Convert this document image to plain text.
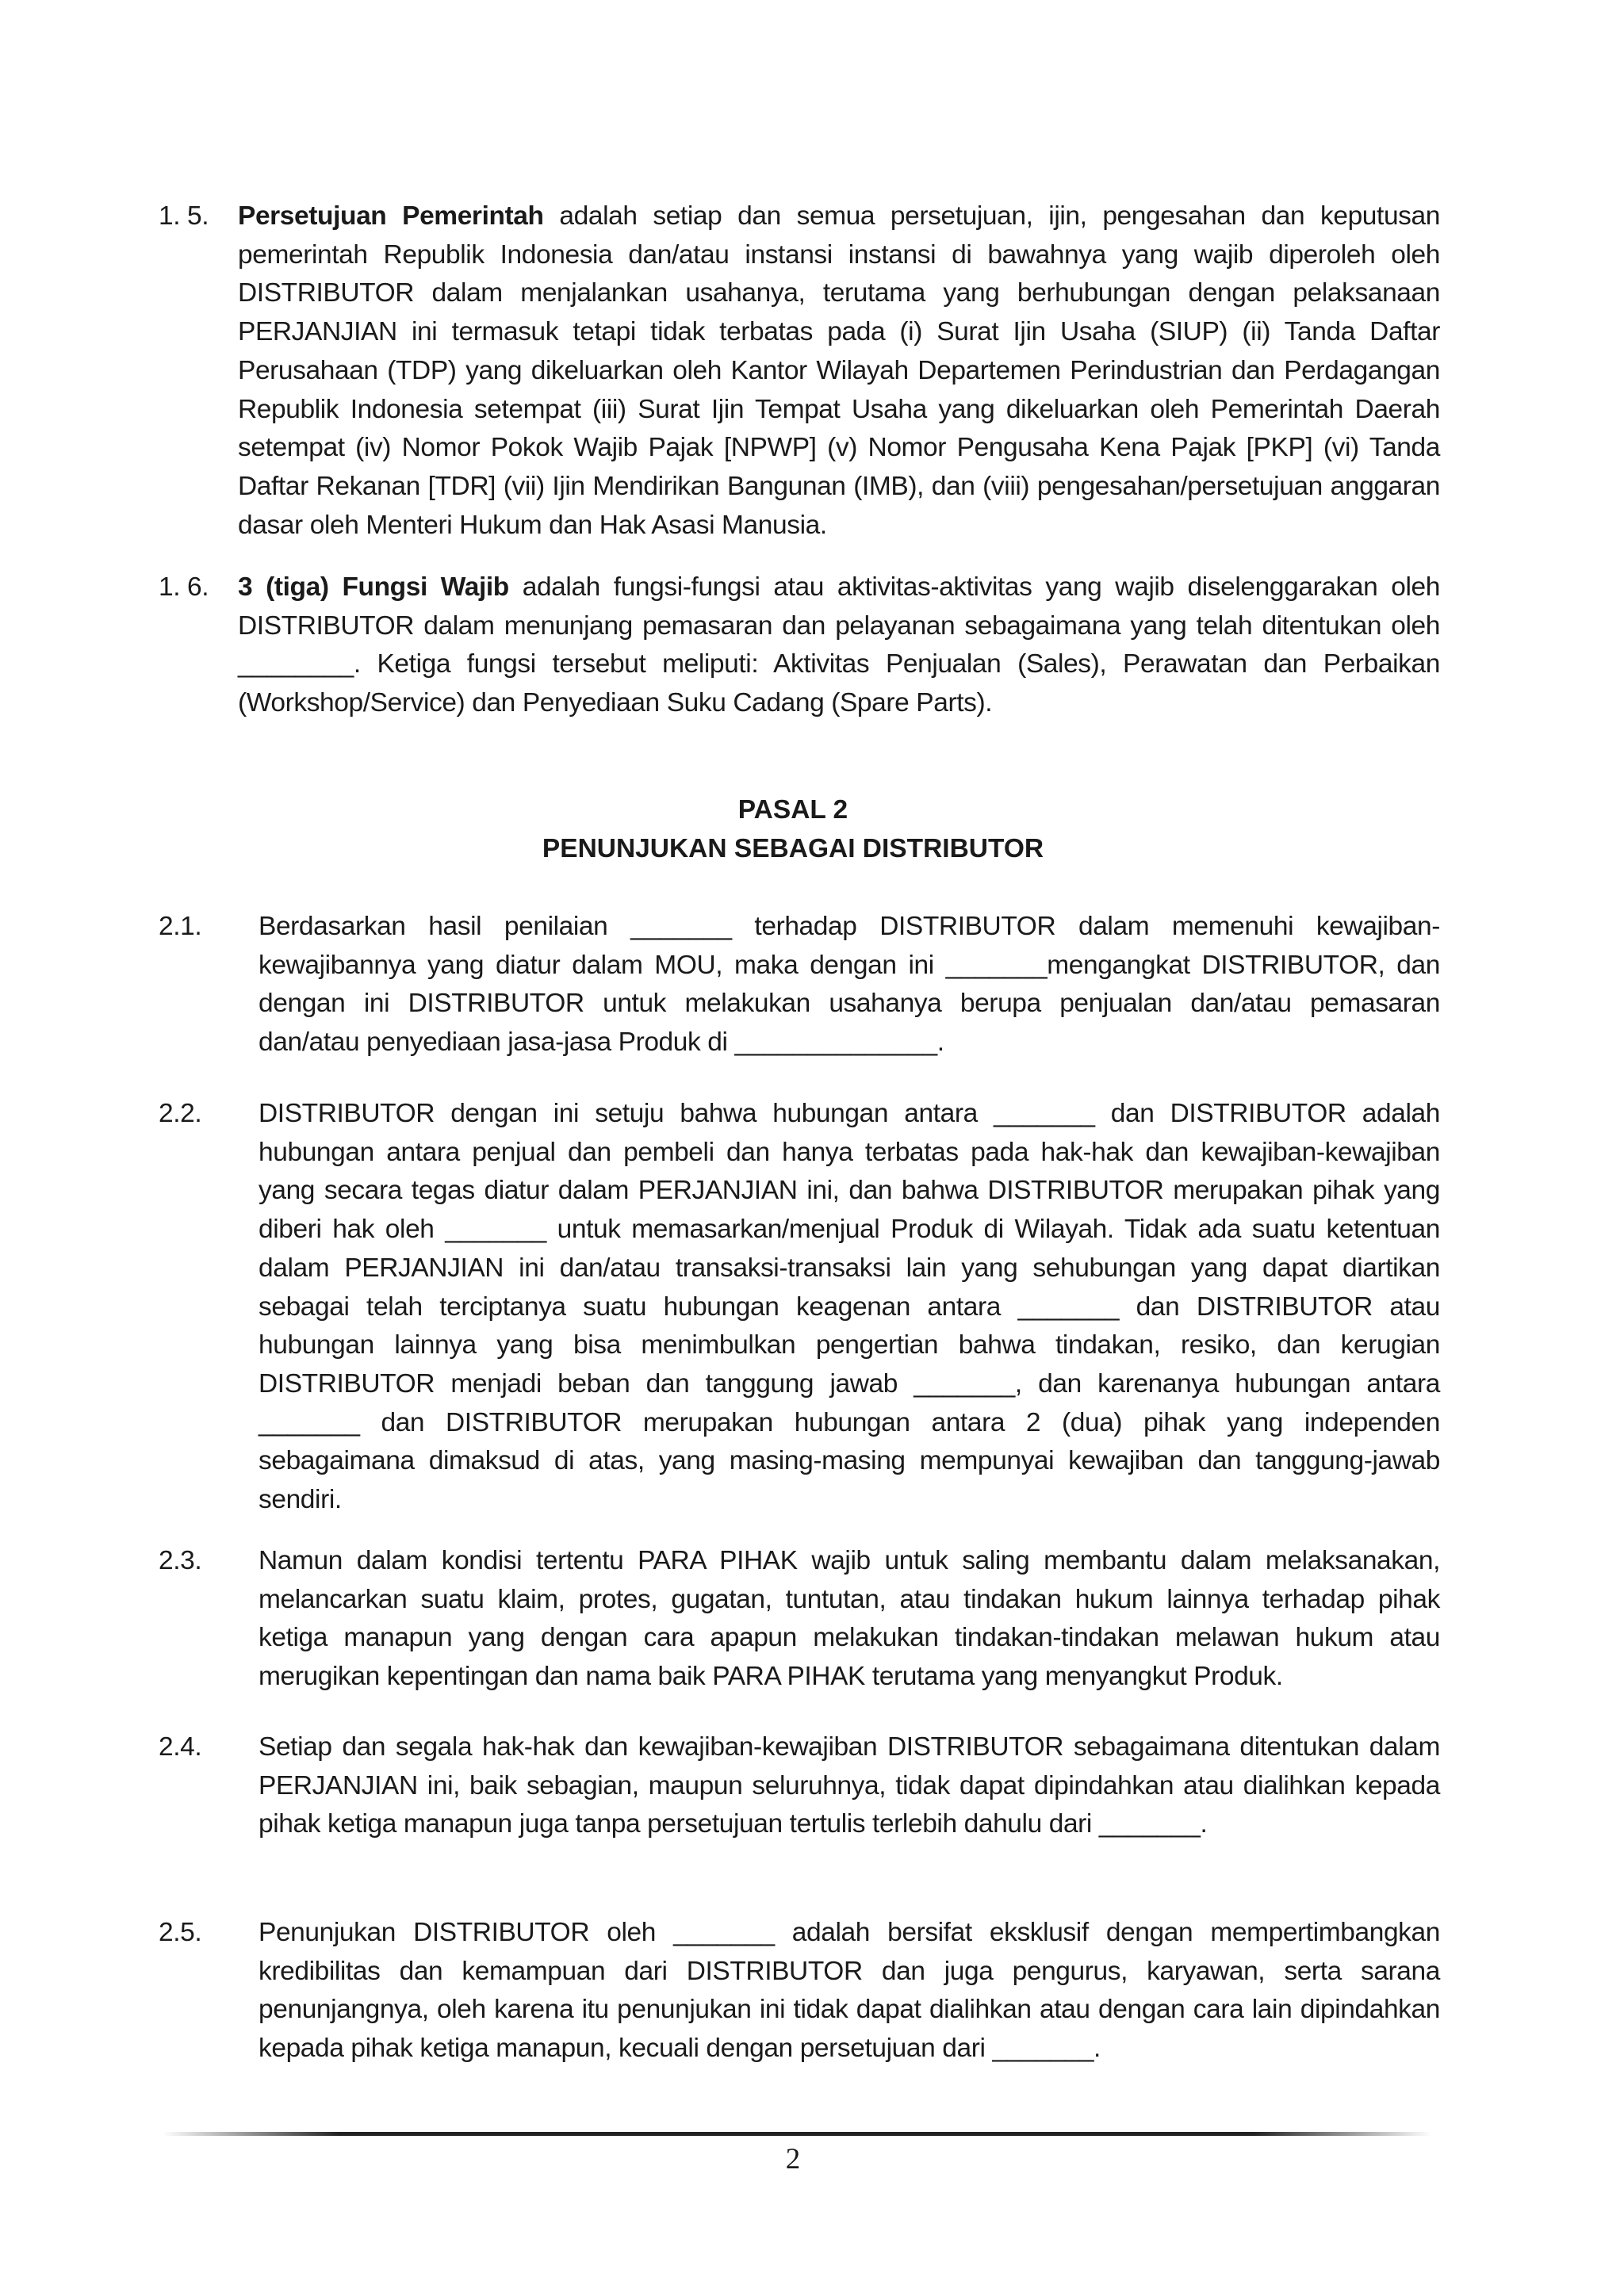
1. 5. Persetujuan Pemerintah adalah setiap dan semua persetujuan, ijin, pengesahan dan keputusan pemerintah Republik Indonesia dan/atau instansi instansi di bawahnya yang wajib diperoleh oleh DISTRIBUTOR dalam menjalankan usahanya, terutama yang berhubungan dengan pelaksanaan PERJANJIAN ini termasuk tetapi tidak terbatas pada (i) Surat Ijin Usaha (SIUP) (ii) Tanda Daftar Perusahaan (TDP) yang dikeluarkan oleh Kantor Wilayah Departemen Perindustrian dan Perdagangan Republik Indonesia setempat (iii) Surat Ijin Tempat Usaha yang dikeluarkan oleh Pemerintah Daerah setempat (iv) Nomor Pokok Wajib Pajak [NPWP] (v) Nomor Pengusaha Kena Pajak [PKP] (vi) Tanda Daftar Rekanan [TDR] (vii) Ijin Mendirikan Bangunan (IMB), dan (viii) pengesahan/persetujuan anggaran dasar oleh Menteri Hukum dan Hak Asasi Manusia.
1. 6. 3 (tiga) Fungsi Wajib adalah fungsi-fungsi atau aktivitas-aktivitas yang wajib diselenggarakan oleh DISTRIBUTOR dalam menunjang pemasaran dan pelayanan sebagaimana yang telah ditentukan oleh ________. Ketiga fungsi tersebut meliputi: Aktivitas Penjualan (Sales), Perawatan dan Perbaikan (Workshop/Service) dan Penyediaan Suku Cadang (Spare Parts).
PASAL 2
PENUNJUKAN SEBAGAI DISTRIBUTOR
2.1. Berdasarkan hasil penilaian _______ terhadap DISTRIBUTOR dalam memenuhi kewajiban-kewajibannya yang diatur dalam MOU, maka dengan ini _______mengangkat DISTRIBUTOR, dan dengan ini DISTRIBUTOR untuk melakukan usahanya berupa penjualan dan/atau pemasaran dan/atau penyediaan jasa-jasa Produk di ______________.
2.2. DISTRIBUTOR dengan ini setuju bahwa hubungan antara _______ dan DISTRIBUTOR adalah hubungan antara penjual dan pembeli dan hanya terbatas pada hak-hak dan kewajiban-kewajiban yang secara tegas diatur dalam PERJANJIAN ini, dan bahwa DISTRIBUTOR merupakan pihak yang diberi hak oleh _______ untuk memasarkan/menjual Produk di Wilayah. Tidak ada suatu ketentuan dalam PERJANJIAN ini dan/atau transaksi-transaksi lain yang sehubungan yang dapat diartikan sebagai telah terciptanya suatu hubungan keagenan antara _______ dan DISTRIBUTOR atau hubungan lainnya yang bisa menimbulkan pengertian bahwa tindakan, resiko, dan kerugian DISTRIBUTOR menjadi beban dan tanggung jawab _______, dan karenanya hubungan antara _______ dan DISTRIBUTOR merupakan hubungan antara 2 (dua) pihak yang independen sebagaimana dimaksud di atas, yang masing-masing mempunyai kewajiban dan tanggung-jawab sendiri.
2.3. Namun dalam kondisi tertentu PARA PIHAK wajib untuk saling membantu dalam melaksanakan, melancarkan suatu klaim, protes, gugatan, tuntutan, atau tindakan hukum lainnya terhadap pihak ketiga manapun yang dengan cara apapun melakukan tindakan-tindakan melawan hukum atau merugikan kepentingan dan nama baik PARA PIHAK terutama yang menyangkut Produk.
2.4. Setiap dan segala hak-hak dan kewajiban-kewajiban DISTRIBUTOR sebagaimana ditentukan dalam PERJANJIAN ini, baik sebagian, maupun seluruhnya, tidak dapat dipindahkan atau dialihkan kepada pihak ketiga manapun juga tanpa persetujuan tertulis terlebih dahulu dari _______.
2.5. Penunjukan DISTRIBUTOR oleh _______ adalah bersifat eksklusif dengan mempertimbangkan kredibilitas dan kemampuan dari DISTRIBUTOR dan juga pengurus, karyawan, serta sarana penunjangnya, oleh karena itu penunjukan ini tidak dapat dialihkan atau dengan cara lain dipindahkan kepada pihak ketiga manapun, kecuali dengan persetujuan dari _______.
2
